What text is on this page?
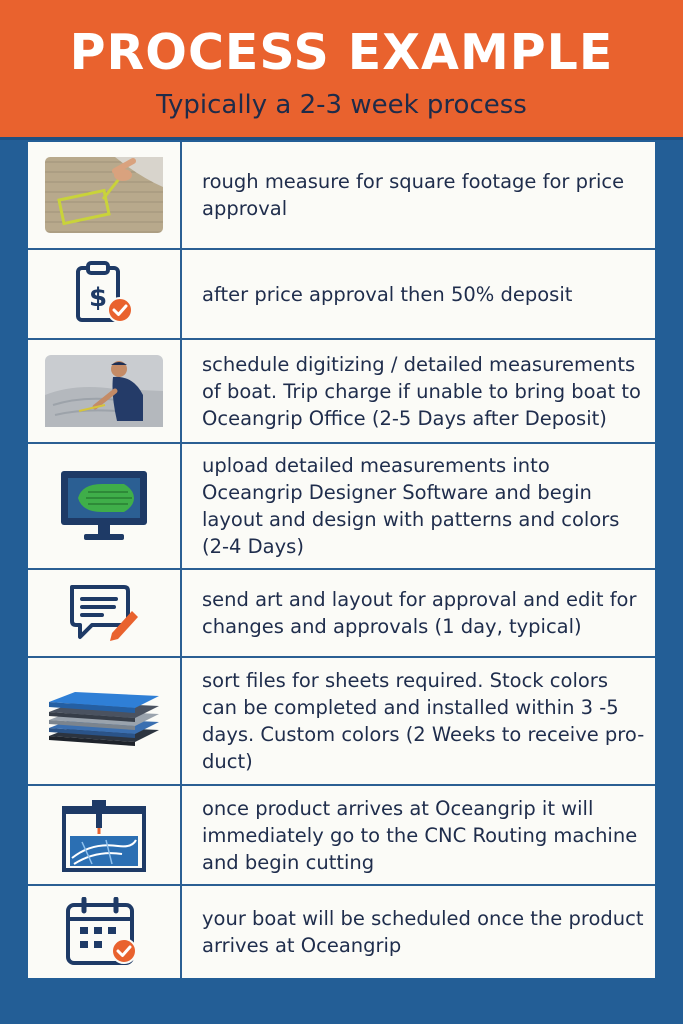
PROCESS EXAMPLE
Typically a 2-3 week process
rough measure for square footage for price approval
$	after price approval then 50% deposit
schedule digitizing / detailed measurements of boat. Trip charge if unable to bring boat to Oceangrip Office (2-5 Days after Deposit)
upload detailed measurements into Oceangrip Designer Software and begin layout and design with patterns and colors (2-4 Days)
send art and layout for approval and edit for changes and approvals (1 day, typical)
sort files for sheets required. Stock colors can be completed and installed within 3 -5 days. Custom colors (2 Weeks to receive pro-duct)
once product arrives at Oceangrip it will immediately go to the CNC Routing machine and begin cutting
your boat will be scheduled once the product arrives at Oceangrip
